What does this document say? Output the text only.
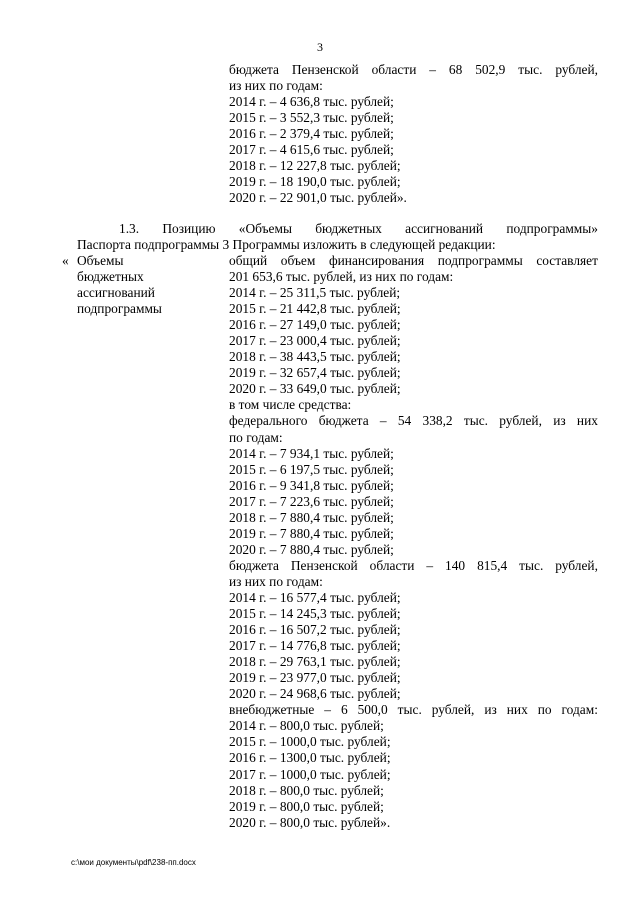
3
бюджета Пензенской области – 68 502,9 тыс. рублей,
из них по годам:
2014 г. – 4 636,8 тыс. рублей;
2015 г. – 3 552,3 тыс. рублей;
2016 г. – 2 379,4 тыс. рублей;
2017 г. – 4 615,6 тыс. рублей;
2018 г. – 12 227,8 тыс. рублей;
2019 г. – 18 190,0 тыс. рублей;
2020 г. – 22 901,0 тыс. рублей».
1.3. Позицию «Объемы бюджетных ассигнований подпрограммы»
Паспорта подпрограммы 3 Программы изложить в следующей редакции:
« Объемы
бюджетных
ассигнований
подпрограммы
общий объем финансирования подпрограммы составляет
201 653,6 тыс. рублей, из них по годам:
2014 г. – 25 311,5 тыс. рублей;
2015 г. – 21 442,8 тыс. рублей;
2016 г. – 27 149,0 тыс. рублей;
2017 г. – 23 000,4 тыс. рублей;
2018 г. – 38 443,5 тыс. рублей;
2019 г. – 32 657,4 тыс. рублей;
2020 г. – 33 649,0 тыс. рублей;
в том числе средства:
федерального бюджета – 54 338,2 тыс. рублей, из них
по годам:
2014 г. – 7 934,1 тыс. рублей;
2015 г. – 6 197,5 тыс. рублей;
2016 г. – 9 341,8 тыс. рублей;
2017 г. – 7 223,6 тыс. рублей;
2018 г. – 7 880,4 тыс. рублей;
2019 г. – 7 880,4 тыс. рублей;
2020 г. – 7 880,4 тыс. рублей;
бюджета Пензенской области – 140 815,4 тыс. рублей,
из них по годам:
2014 г. – 16 577,4 тыс. рублей;
2015 г. – 14 245,3 тыс. рублей;
2016 г. – 16 507,2 тыс. рублей;
2017 г. – 14 776,8 тыс. рублей;
2018 г. – 29 763,1 тыс. рублей;
2019 г. – 23 977,0 тыс. рублей;
2020 г. – 24 968,6 тыс. рублей;
внебюджетные – 6 500,0 тыс. рублей, из них по годам:
2014 г. – 800,0 тыс. рублей;
2015 г. – 1000,0 тыс. рублей;
2016 г. – 1300,0 тыс. рублей;
2017 г. – 1000,0 тыс. рублей;
2018 г. – 800,0 тыс. рублей;
2019 г. – 800,0 тыс. рублей;
2020 г. – 800,0 тыс. рублей».
c:\мои документы\pdf\238-пп.docx
